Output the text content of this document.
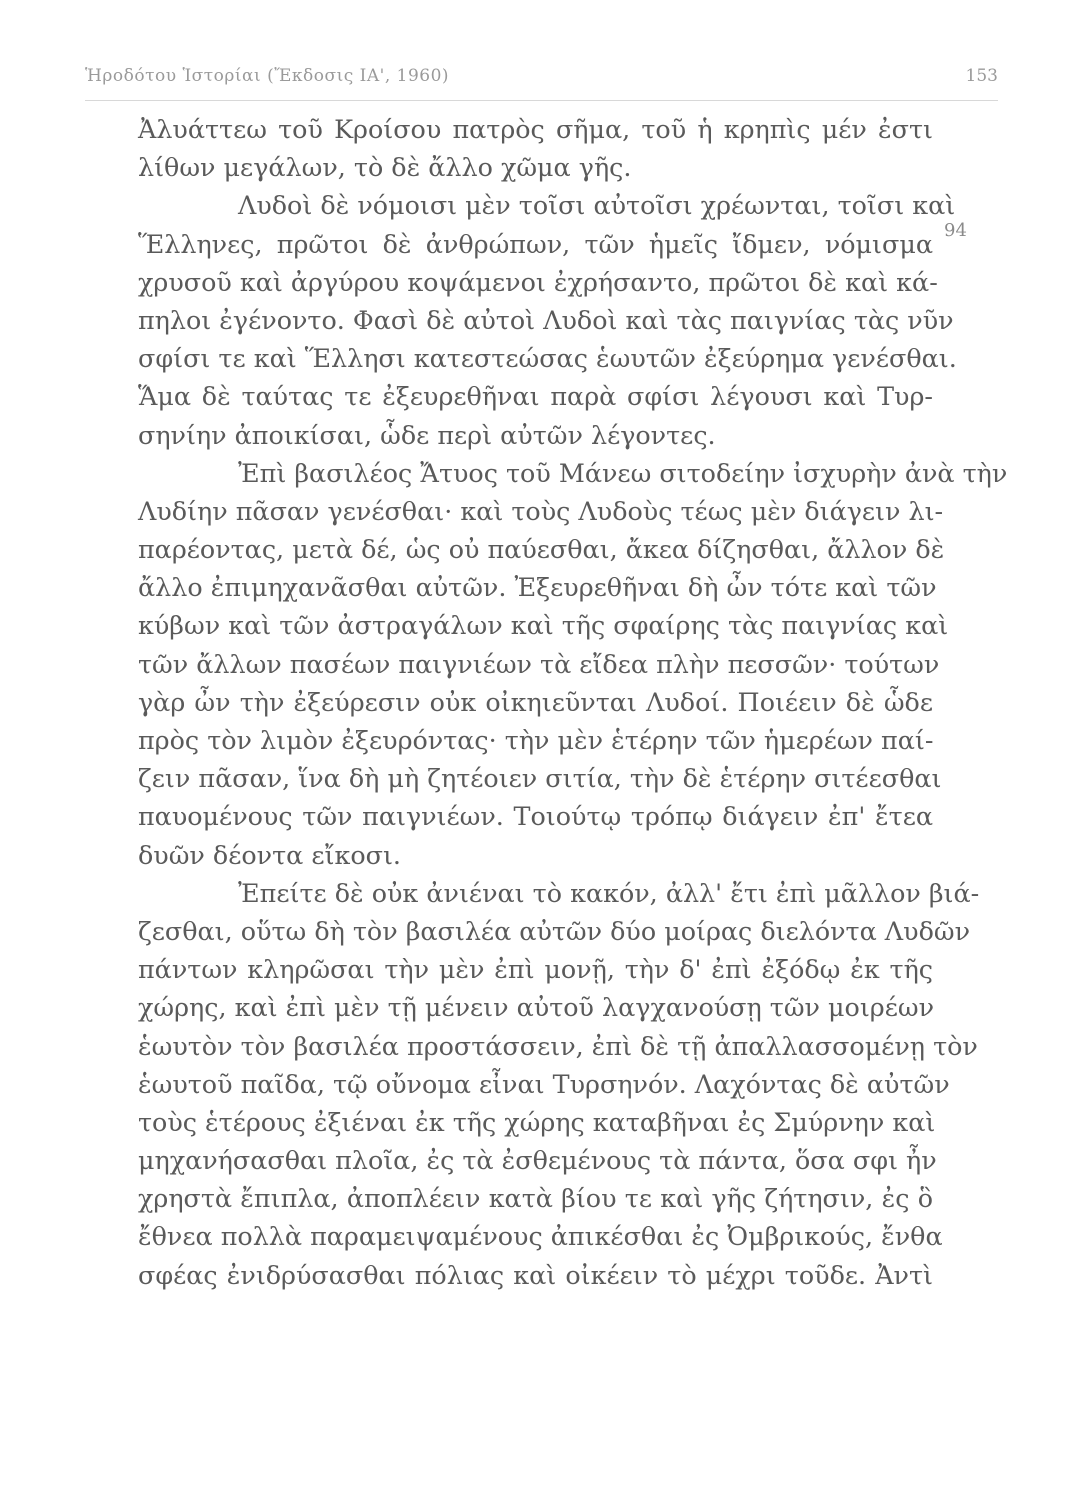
Ἡροδότου Ἱστορίαι (Ἔκδοσις ΙΑ', 1960)	153
94
Ἀλυάττεω τοῦ Κροίσου πατρὸς σῆμα, τοῦ ἡ κρηπὶς μέν ἐστι
λίθων μεγάλων, τὸ δὲ ἄλλο χῶμα γῆς.
Λυδοὶ δὲ νόμοισι μὲν τοῖσι αὐτοῖσι χρέωνται, τοῖσι καὶ
Ἕλληνες, πρῶτοι δὲ ἀνθρώπων, τῶν ἡμεῖς ἴδμεν, νόμισμα
χρυσοῦ καὶ ἀργύρου κοψάμενοι ἐχρήσαντο, πρῶτοι δὲ καὶ κά-
πηλοι ἐγένοντο. Φασὶ δὲ αὐτοὶ Λυδοὶ καὶ τὰς παιγνίας τὰς νῦν
σφίσι τε καὶ Ἕλλησι κατεστεώσας ἑωυτῶν ἐξεύρημα γενέσθαι.
Ἅμα δὲ ταύτας τε ἐξευρεθῆναι παρὰ σφίσι λέγουσι καὶ Τυρ-
σηνίην ἀποικίσαι, ὧδε περὶ αὐτῶν λέγοντες.
Ἐπὶ βασιλέος Ἄτυος τοῦ Μάνεω σιτοδείην ἰσχυρὴν ἀνὰ τὴν
Λυδίην πᾶσαν γενέσθαι· καὶ τοὺς Λυδοὺς τέως μὲν διάγειν λι-
παρέοντας, μετὰ δέ, ὡς οὐ παύεσθαι, ἄκεα δίζησθαι, ἄλλον δὲ
ἄλλο ἐπιμηχανᾶσθαι αὐτῶν. Ἐξευρεθῆναι δὴ ὦν τότε καὶ τῶν
κύβων καὶ τῶν ἀστραγάλων καὶ τῆς σφαίρης τὰς παιγνίας καὶ
τῶν ἄλλων πασέων παιγνιέων τὰ εἴδεα πλὴν πεσσῶν· τούτων
γὰρ ὦν τὴν ἐξεύρεσιν οὐκ οἰκηιεῦνται Λυδοί. Ποιέειν δὲ ὧδε
πρὸς τὸν λιμὸν ἐξευρόντας· τὴν μὲν ἑτέρην τῶν ἡμερέων παί-
ζειν πᾶσαν, ἵνα δὴ μὴ ζητέοιεν σιτία, τὴν δὲ ἑτέρην σιτέεσθαι
παυομένους τῶν παιγνιέων. Τοιούτῳ τρόπῳ διάγειν ἐπ' ἔτεα
δυῶν δέοντα εἴκοσι.
Ἐπείτε δὲ οὐκ ἀνιέναι τὸ κακόν, ἀλλ' ἔτι ἐπὶ μᾶλλον βιά-
ζεσθαι, οὕτω δὴ τὸν βασιλέα αὐτῶν δύο μοίρας διελόντα Λυδῶν
πάντων κληρῶσαι τὴν μὲν ἐπὶ μονῇ, τὴν δ' ἐπὶ ἐξόδῳ ἐκ τῆς
χώρης, καὶ ἐπὶ μὲν τῇ μένειν αὐτοῦ λαγχανούσῃ τῶν μοιρέων
ἑωυτὸν τὸν βασιλέα προστάσσειν, ἐπὶ δὲ τῇ ἀπαλλασσομένῃ τὸν
ἑωυτοῦ παῖδα, τῷ οὔνομα εἶναι Τυρσηνόν. Λαχόντας δὲ αὐτῶν
τοὺς ἑτέρους ἐξιέναι ἐκ τῆς χώρης καταβῆναι ἐς Σμύρνην καὶ
μηχανήσασθαι πλοῖα, ἐς τὰ ἐσθεμένους τὰ πάντα, ὅσα σφι ἦν
χρηστὰ ἔπιπλα, ἀποπλέειν κατὰ βίου τε καὶ γῆς ζήτησιν, ἐς ὃ
ἔθνεα πολλὰ παραμειψαμένους ἀπικέσθαι ἐς Ὀμβρικούς, ἔνθα
σφέας ἐνιδρύσασθαι πόλιας καὶ οἰκέειν τὸ μέχρι τοῦδε. Ἀντὶ
